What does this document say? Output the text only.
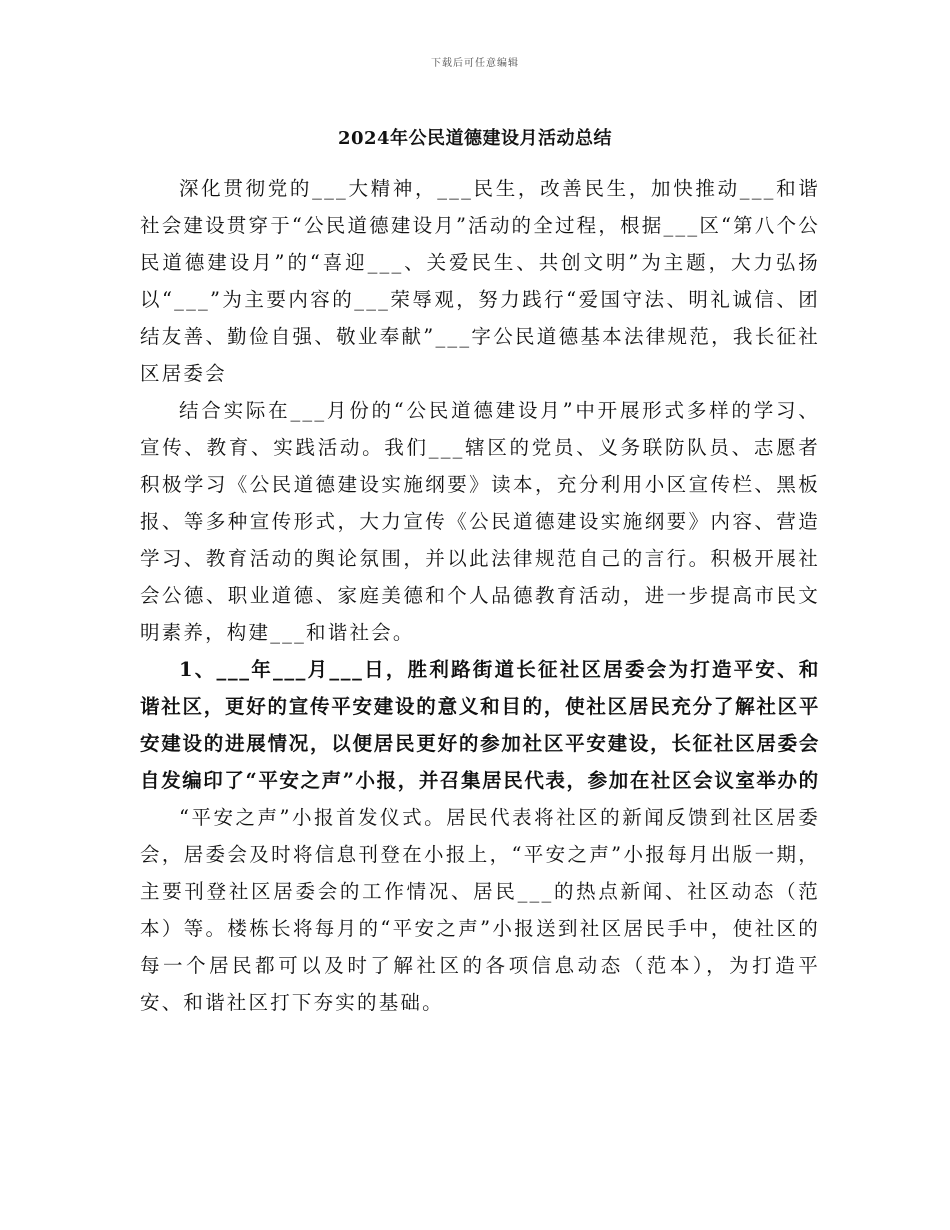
下载后可任意编辑
2024年公民道德建设月活动总结

深化贯彻党的___大精神，___民生，改善民生，加快推动___和谐社会建设贯穿于“公民道德建设月”活动的全过程，根据___区“第八个公民道德建设月”的“喜迎___、关爱民生、共创文明”为主题，大力弘扬以“___”为主要内容的___荣辱观，努力践行“爱国守法、明礼诚信、团结友善、勤俭自强、敬业奉献”___字公民道德基本法律规范，我长征社区居委会

结合实际在___月份的“公民道德建设月”中开展形式多样的学习、宣传、教育、实践活动。我们___辖区的党员、义务联防队员、志愿者积极学习《公民道德建设实施纲要》读本，充分利用小区宣传栏、黑板报、等多种宣传形式，大力宣传《公民道德建设实施纲要》内容、营造学习、教育活动的舆论氛围，并以此法律规范自己的言行。积极开展社会公德、职业道德、家庭美德和个人品德教育活动，进一步提高市民文明素养，构建___和谐社会。

1、___年___月___日，胜利路街道长征社区居委会为打造平安、和谐社区，更好的宣传平安建设的意义和目的，使社区居民充分了解社区平安建设的进展情况，以便居民更好的参加社区平安建设，长征社区居委会自发编印了“平安之声”小报，并召集居民代表，参加在社区会议室举办的

“平安之声”小报首发仪式。居民代表将社区的新闻反馈到社区居委会，居委会及时将信息刊登在小报上，“平安之声”小报每月出版一期，主要刊登社区居委会的工作情况、居民___的热点新闻、社区动态（范本）等。楼栋长将每月的“平安之声”小报送到社区居民手中，使社区的每一个居民都可以及时了解社区的各项信息动态（范本），为打造平安、和谐社区打下夯实的基础。
